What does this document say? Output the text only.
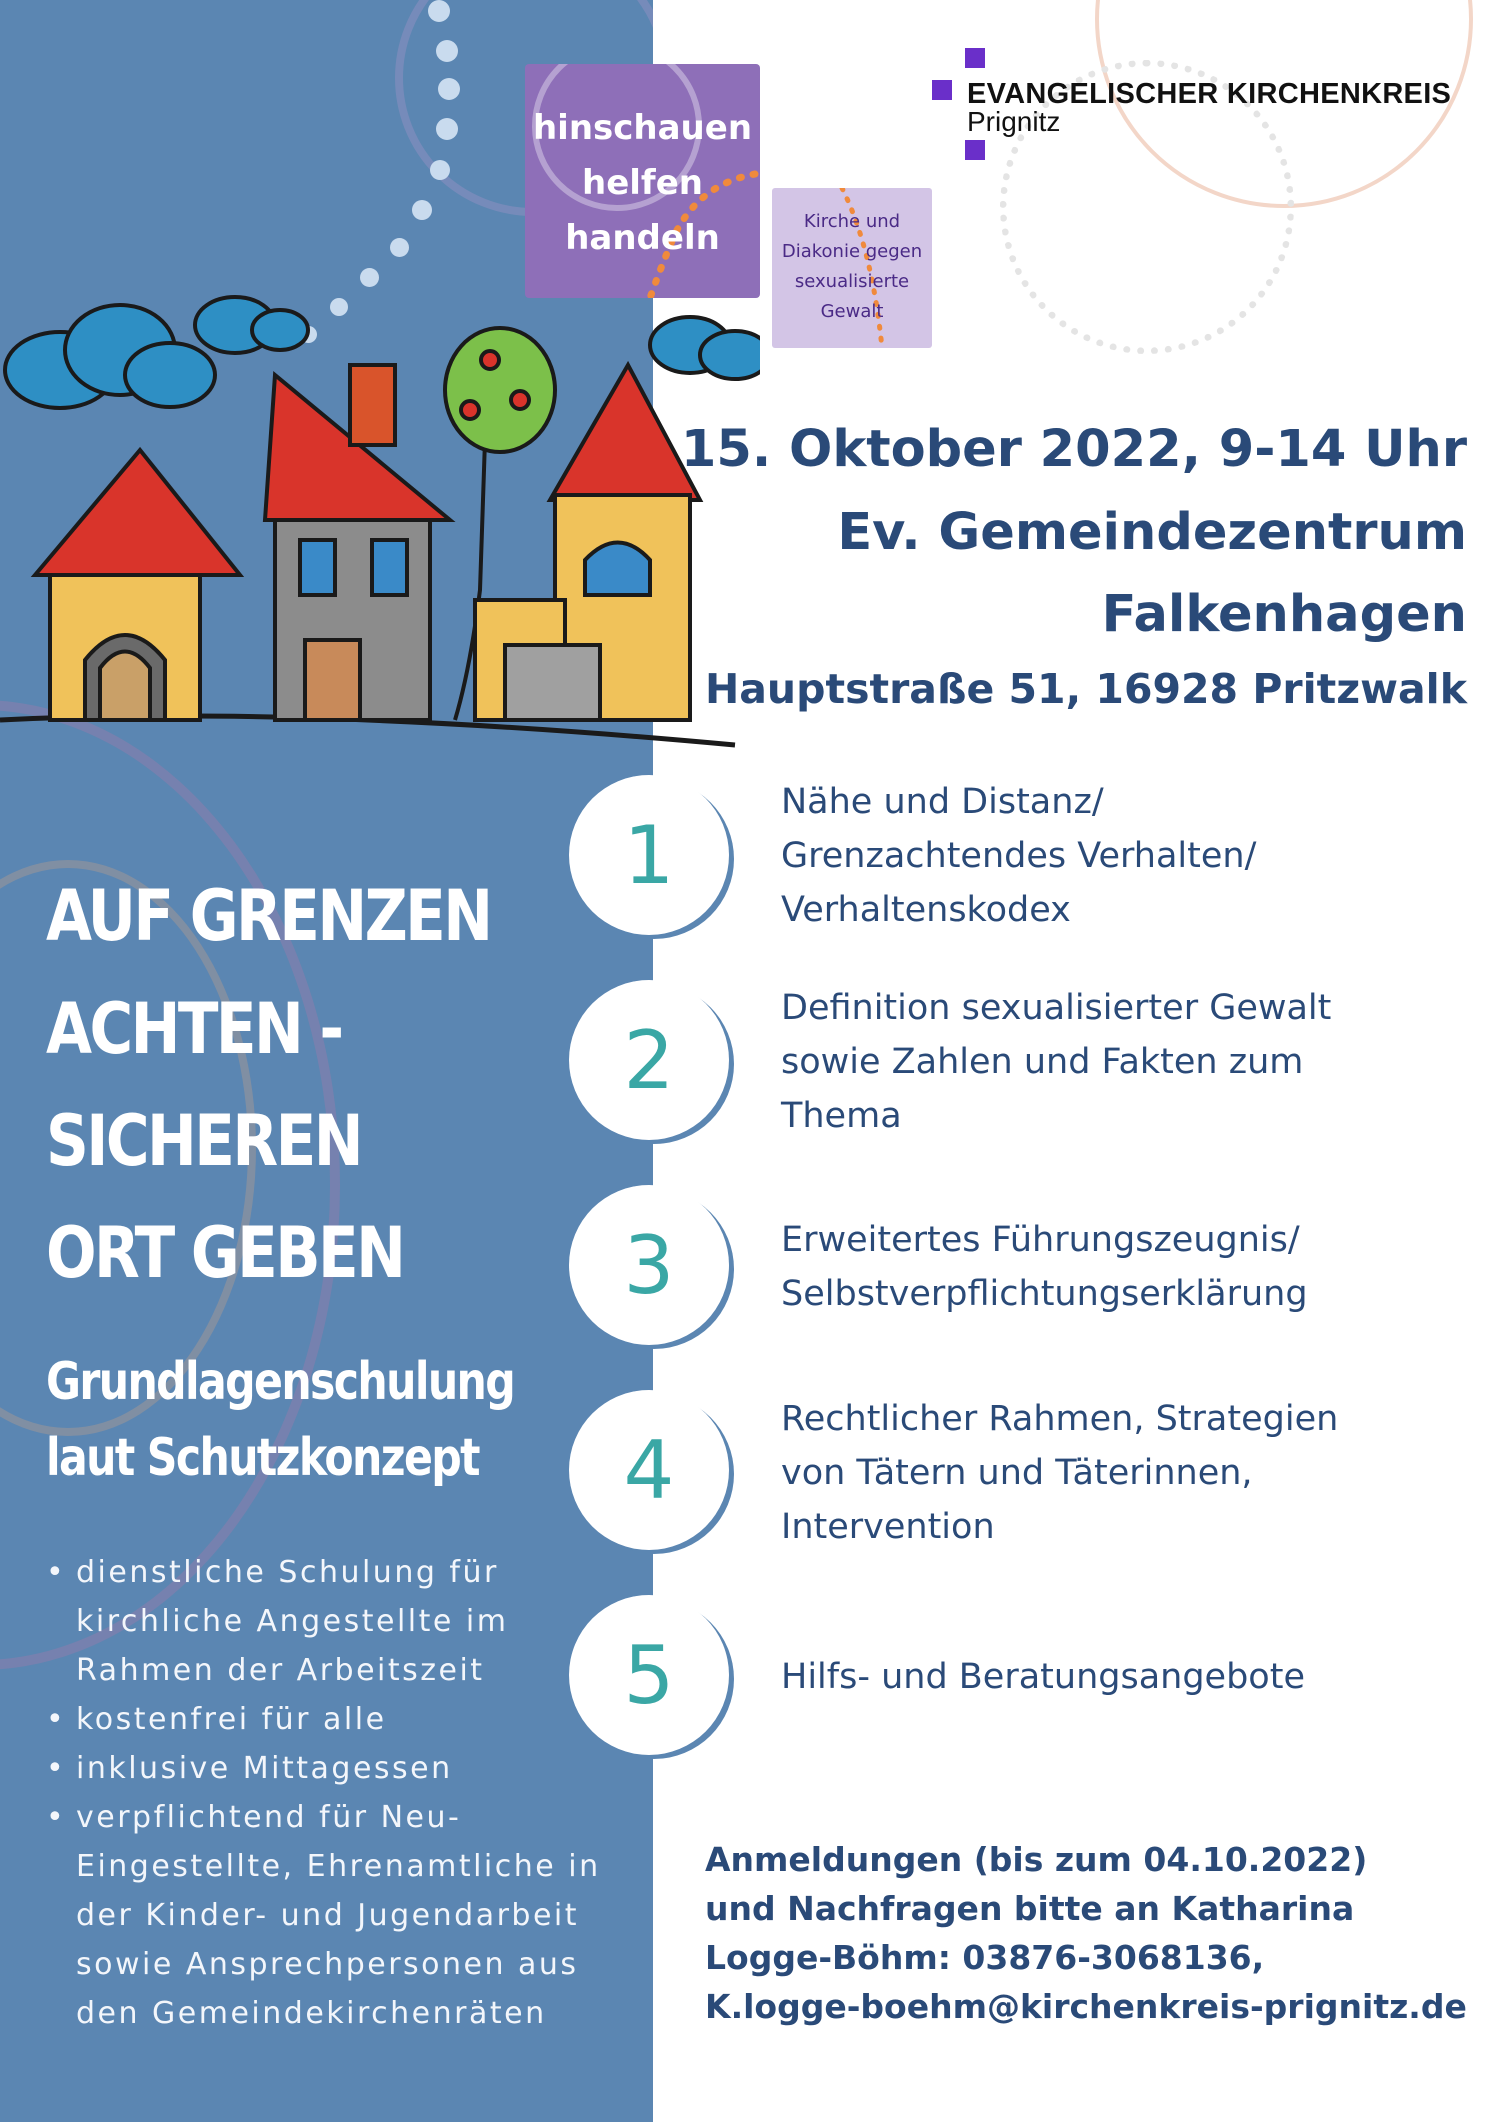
AUF GRENZEN
ACHTEN -
SICHEREN
ORT GEBEN
Grundlagenschulung
laut Schutzkonzept
• dienstliche Schulung für
kirchliche Angestellte im
Rahmen der Arbeitszeit
• kostenfrei für alle
• inklusive Mittagessen
• verpflichtend für Neu-
Eingestellte, Ehrenamtliche in
der Kinder- und Jugendarbeit
sowie Ansprechpersonen aus
den Gemeindekirchenräten
EVANGELISCHER KIRCHENKREIS
Prignitz
hinschauen
helfen
handeln	Kirche und
Diakonie gegen
sexualisierte
Gewalt
15. Oktober 2022, 9-14 Uhr
Ev. Gemeindezentrum
Falkenhagen
Hauptstraße 51, 16928 Pritzwalk
1
Nähe und Distanz/
Grenzachtendes Verhalten/
Verhaltenskodex
2
Definition sexualisierter Gewalt
sowie Zahlen und Fakten zum
Thema
3	Erweitertes Führungszeugnis/
Selbstverpflichtungserklärung
4
Rechtlicher Rahmen, Strategien
von Tätern und Täterinnen,
Intervention
5	Hilfs- und Beratungsangebote
Anmeldungen (bis zum 04.10.2022)
und Nachfragen bitte an Katharina
Logge-Böhm: 03876-3068136,
K.logge-boehm@kirchenkreis-prignitz.de
